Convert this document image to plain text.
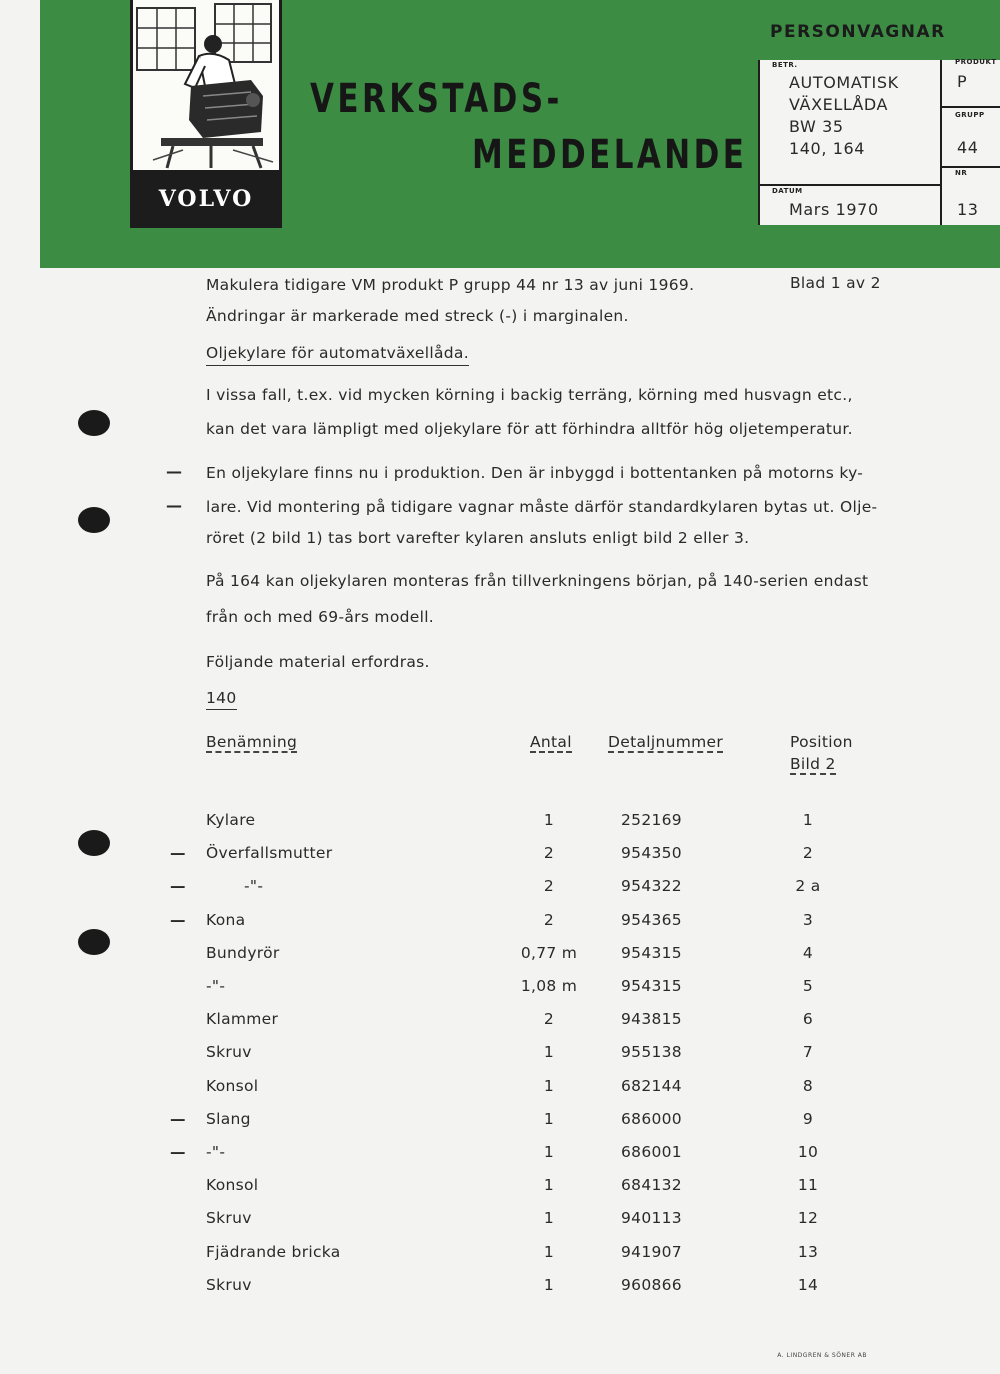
VOLVO
VERKSTADS-
MEDDELANDE
PERSONVAGNAR
BETR.
AUTOMATISK
VÄXELLÅDA
BW 35
140, 164
PRODUKT
P
GRUPP
44
NR
13
DATUM
Mars 1970
Makulera tidigare VM produkt P grupp 44 nr 13 av juni 1969.	Blad 1 av 2
Ändringar är markerade med streck (-) i marginalen.
Oljekylare för automatväxellåda.
I vissa fall, t.ex. vid mycken körning i backig terräng, körning med husvagn etc.,
kan det vara lämpligt med oljekylare för att förhindra alltför hög oljetemperatur.
— En oljekylare finns nu i produktion. Den är inbyggd i bottentanken på motorns ky-
— lare. Vid montering på tidigare vagnar måste därför standardkylaren bytas ut. Olje-
röret (2 bild 1) tas bort varefter kylaren ansluts enligt bild 2 eller 3.
På 164 kan oljekylaren monteras från tillverkningens början, på 140-serien endast
från och med 69-års modell.
Följande material erfordras.
140
Benämning	Antal Detaljnummer	Position
Bild 2
Kylare	1	252169	1
— Överfallsmutter	2	954350	2
—	-"-	2	954322	2 a
— Kona	2	954365	3
Bundyrör	0,77 m	954315	4
-"-	1,08 m	954315	5
Klammer	2	943815	6
Skruv	1	955138	7
Konsol	1	682144	8
— Slang	1	686000	9
— -"-	1	686001	10
Konsol	1	684132	11
Skruv	1	940113	12
Fjädrande bricka	1	941907	13
Skruv	1	960866	14
A. LINDGREN & SÖNER AB
